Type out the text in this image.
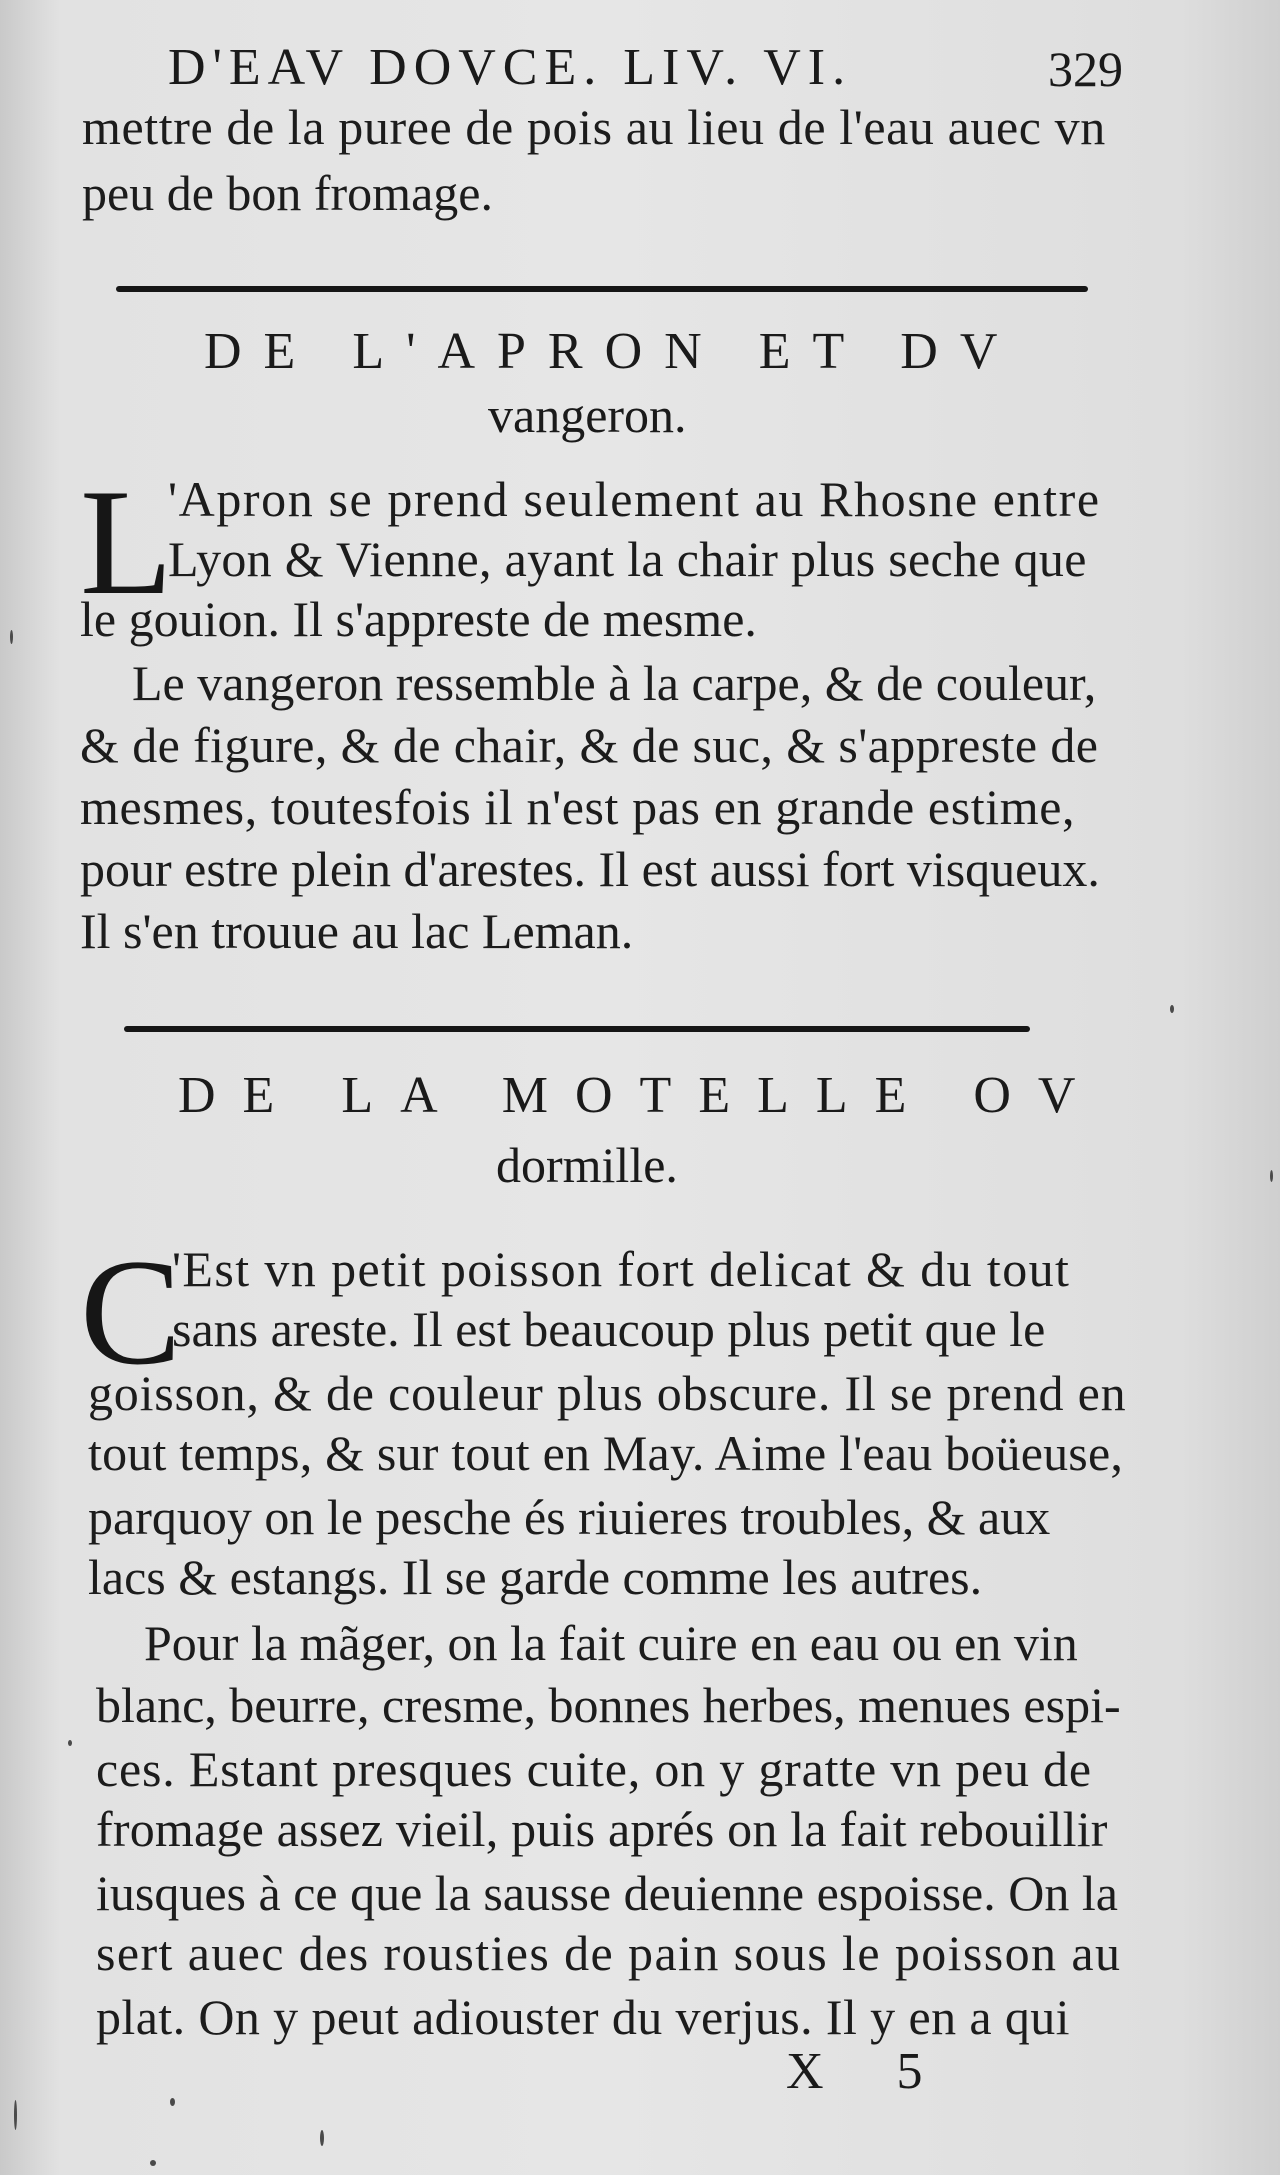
D'EAV DOVCE. LIV. VI.	329
mettre de la puree de pois au lieu de l'eau auec vn
peu de bon fromage.
DE L'APRON ET DV
vangeron.
L
'Apron se prend seulement au Rhosne entre
Lyon & Vienne, ayant la chair plus seche que
le gouion. Il s'appreste de mesme.
Le vangeron ressemble à la carpe, & de couleur,
& de figure, & de chair, & de suc, & s'appreste de
mesmes, toutesfois il n'est pas en grande estime,
pour estre plein d'arestes. Il est aussi fort visqueux.
Il s'en trouue au lac Leman.
DE LA MOTELLE OV
dormille.
C
'Est vn petit poisson fort delicat & du tout
sans areste. Il est beaucoup plus petit que le
goisson, & de couleur plus obscure. Il se prend en
tout temps, & sur tout en May. Aime l'eau boüeuse,
parquoy on le pesche és riuieres troubles, & aux
lacs & estangs. Il se garde comme les autres.
Pour la mãger, on la fait cuire en eau ou en vin
blanc, beurre, cresme, bonnes herbes, menues espi-
ces. Estant presques cuite, on y gratte vn peu de
fromage assez vieil, puis aprés on la fait rebouillir
iusques à ce que la sausse deuienne espoisse. On la
sert auec des rousties de pain sous le poisson au
plat. On y peut adiouster du verjus. Il y en a qui
X 5
